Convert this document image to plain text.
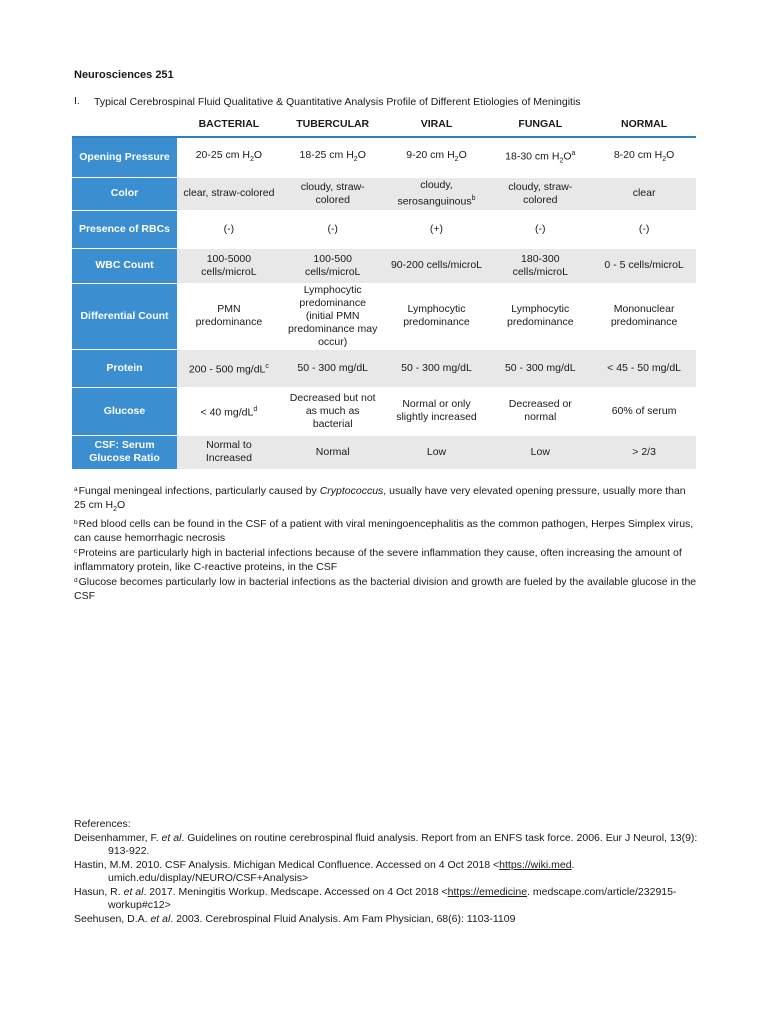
Neurosciences 251
I. Typical Cerebrospinal Fluid Qualitative & Quantitative Analysis Profile of Different Etiologies of Meningitis
	BACTERIAL	TUBERCULAR	VIRAL	FUNGAL	NORMAL
Opening Pressure	20-25 cm $H_2O$	18-25 cm $H_2O$	9-20 cm $H_2O$	18-30 cm $H_2O^a$	8-20 cm $H_2O$
Color	clear, straw-colored	cloudy, straw-colored	cloudy, serosanguinous$^b$	cloudy, straw-colored	clear
Presence of RBCs	(-)	(-)	(+)	(-)	(-)
WBC Count	100-5000 cells/microL	100-500 cells/microL	90-200 cells/microL	180-300 cells/microL	0 - 5 cells/microL
Differential Count	PMN predominance	Lymphocytic predominance (initial PMN predominance may occur)	Lymphocytic predominance	Lymphocytic predominance	Mononuclear predominance
Protein	200 - 500 $mg/dL^c$	50 - 300 mg/dL	50 - 300 mg/dL	50 - 300 mg/dL	< 45 - 50 mg/dL
Glucose	< 40 $mg/dL^d$	Decreased but not as much as bacterial	Normal or only slightly increased	Decreased or normal	60% of serum
CSF: Serum Glucose Ratio	Normal to Increased	Normal	Low	Low	> 2/3

$^a$Fungal meningeal infections, particularly caused by Cryptococcus, usually have very elevated opening pressure, usually more than 25 cm $H_2O$

$^b$Red blood cells can be found in the CSF of a patient with viral meningoencephalitis as the common pathogen, Herpes Simplex virus, can cause hemorrhagic necrosis

$^c$Proteins are particularly high in bacterial infections because of the severe inflammation they cause, often increasing the amount of inflammatory protein, like C-reactive proteins, in the CSF

$^d$Glucose becomes particularly low in bacterial infections as the bacterial division and growth are fueled by the available glucose in the CSF

References:

Deisenhammer, F. et al. Guidelines on routine cerebrospinal fluid analysis. Report from an ENFS task force. 2006. Eur J Neurol, 13(9): 913-922.

Hastin, M.M. 2010. CSF Analysis. Michigan Medical Confluence. Accessed on 4 Oct 2018 <https://wiki.med. umich.edu/display/NEURO/CSF+Analysis>

Hasun, R. et al. 2017. Meningitis Workup. Medscape. Accessed on 4 Oct 2018 <https://emedicine. medscape.com/article/232915-workup#c12>

Seehusen, D.A. et al. 2003. Cerebrospinal Fluid Analysis. Am Fam Physician, 68(6): 1103-1109
